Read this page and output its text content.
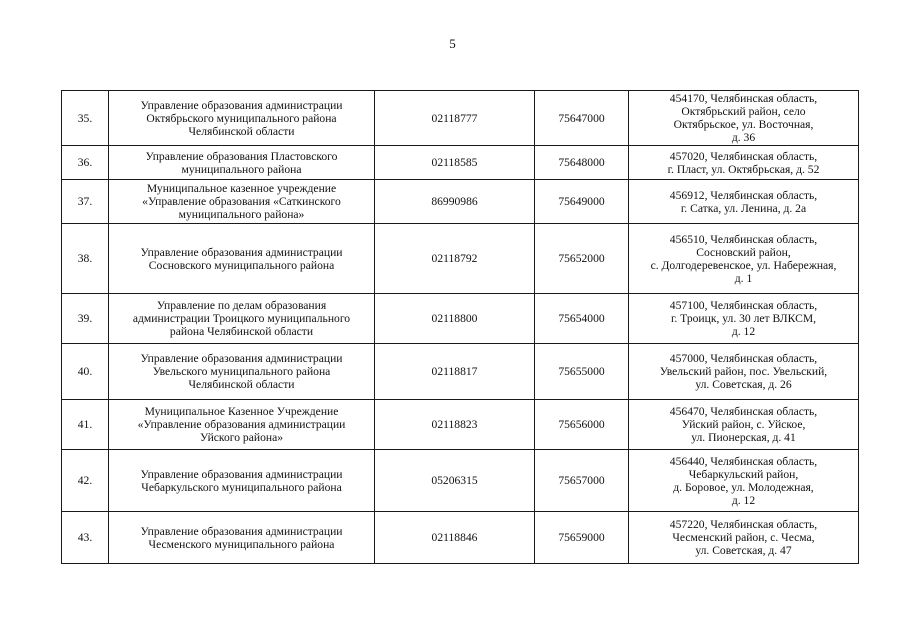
5
35.	Управление образования администрации
Октябрьского муниципального района
Челябинской области	02118777	75647000	454170, Челябинская область,
Октябрьский район, село
Октябрьское, ул. Восточная,
д. 36
36.	Управление образования Пластовского
муниципального района	02118585	75648000	457020, Челябинская область,
г. Пласт, ул. Октябрьская, д. 52
37.	Муниципальное казенное учреждение
«Управление образования «Саткинского
муниципального района»	86990986	75649000	456912, Челябинская область,
г. Сатка, ул. Ленина, д. 2а
38.	Управление образования администрации
Сосновского муниципального района	02118792	75652000	456510, Челябинская область,
Сосновский район,
с. Долгодеревенское, ул. Набережная,
д. 1
39.	Управление по делам образования
администрации Троицкого муниципального
района Челябинской области	02118800	75654000	457100, Челябинская область,
г. Троицк, ул. 30 лет ВЛКСМ,
д. 12
40.	Управление образования администрации
Увельского муниципального района
Челябинской области	02118817	75655000	457000, Челябинская область,
Увельский район, пос. Увельский,
ул. Советская, д. 26
41.	Муниципальное Казенное Учреждение
«Управление образования администрации
Уйского района»	02118823	75656000	456470, Челябинская область,
Уйский район, с. Уйское,
ул. Пионерская, д. 41
42.	Управление образования администрации
Чебаркульского муниципального района	05206315	75657000	456440, Челябинская область,
Чебаркульский район,
д. Боровое, ул. Молодежная,
д. 12
43.	Управление образования администрации
Чесменского муниципального района	02118846	75659000	457220, Челябинская область,
Чесменский район, с. Чесма,
ул. Советская, д. 47
